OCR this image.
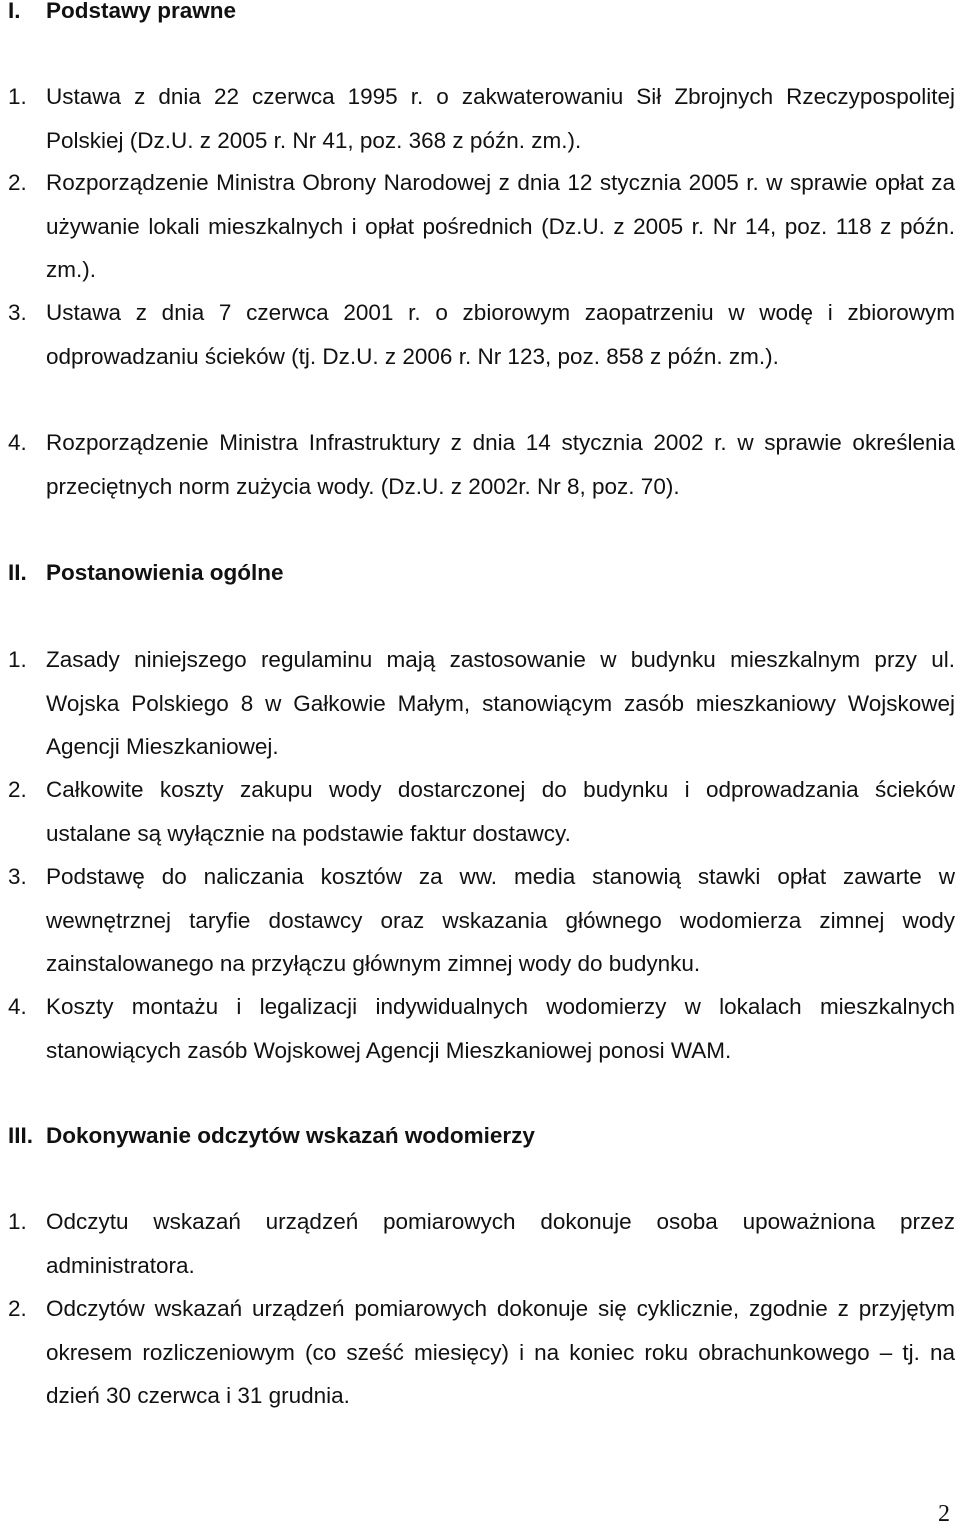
I. Podstawy prawne
1. Ustawa z dnia 22 czerwca 1995 r. o zakwaterowaniu Sił Zbrojnych Rzeczypospolitej Polskiej (Dz.U. z 2005 r. Nr 41, poz. 368 z późn. zm.).
2. Rozporządzenie Ministra Obrony Narodowej z dnia 12 stycznia 2005 r. w sprawie opłat za używanie lokali mieszkalnych i opłat pośrednich (Dz.U. z 2005 r. Nr 14, poz. 118 z późn. zm.).
3. Ustawa z dnia 7 czerwca 2001 r. o zbiorowym zaopatrzeniu w wodę i zbiorowym odprowadzaniu ścieków (tj. Dz.U. z 2006 r. Nr 123, poz. 858 z późn. zm.).
4. Rozporządzenie Ministra Infrastruktury z dnia 14 stycznia 2002 r. w sprawie określenia przeciętnych norm zużycia wody. (Dz.U. z 2002r. Nr 8, poz. 70).
II. Postanowienia ogólne
1. Zasady niniejszego regulaminu mają zastosowanie w budynku mieszkalnym przy ul. Wojska Polskiego 8 w Gałkowie Małym, stanowiącym zasób mieszkaniowy Wojskowej Agencji Mieszkaniowej.
2. Całkowite koszty zakupu wody dostarczonej do budynku i odprowadzania ścieków ustalane są wyłącznie na podstawie faktur dostawcy.
3. Podstawę do naliczania kosztów za ww. media stanowią stawki opłat zawarte w wewnętrznej taryfie dostawcy oraz wskazania głównego wodomierza zimnej wody zainstalowanego na przyłączu głównym zimnej wody do budynku.
4. Koszty montażu i legalizacji indywidualnych wodomierzy w lokalach mieszkalnych stanowiących zasób Wojskowej Agencji Mieszkaniowej ponosi WAM.
III. Dokonywanie odczytów wskazań wodomierzy
1. Odczytu wskazań urządzeń pomiarowych dokonuje osoba upoważniona przez administratora.
2. Odczytów wskazań urządzeń pomiarowych dokonuje się cyklicznie, zgodnie z przyjętym okresem rozliczeniowym (co sześć miesięcy) i na koniec roku obrachunkowego – tj. na dzień 30 czerwca i 31 grudnia.
2
